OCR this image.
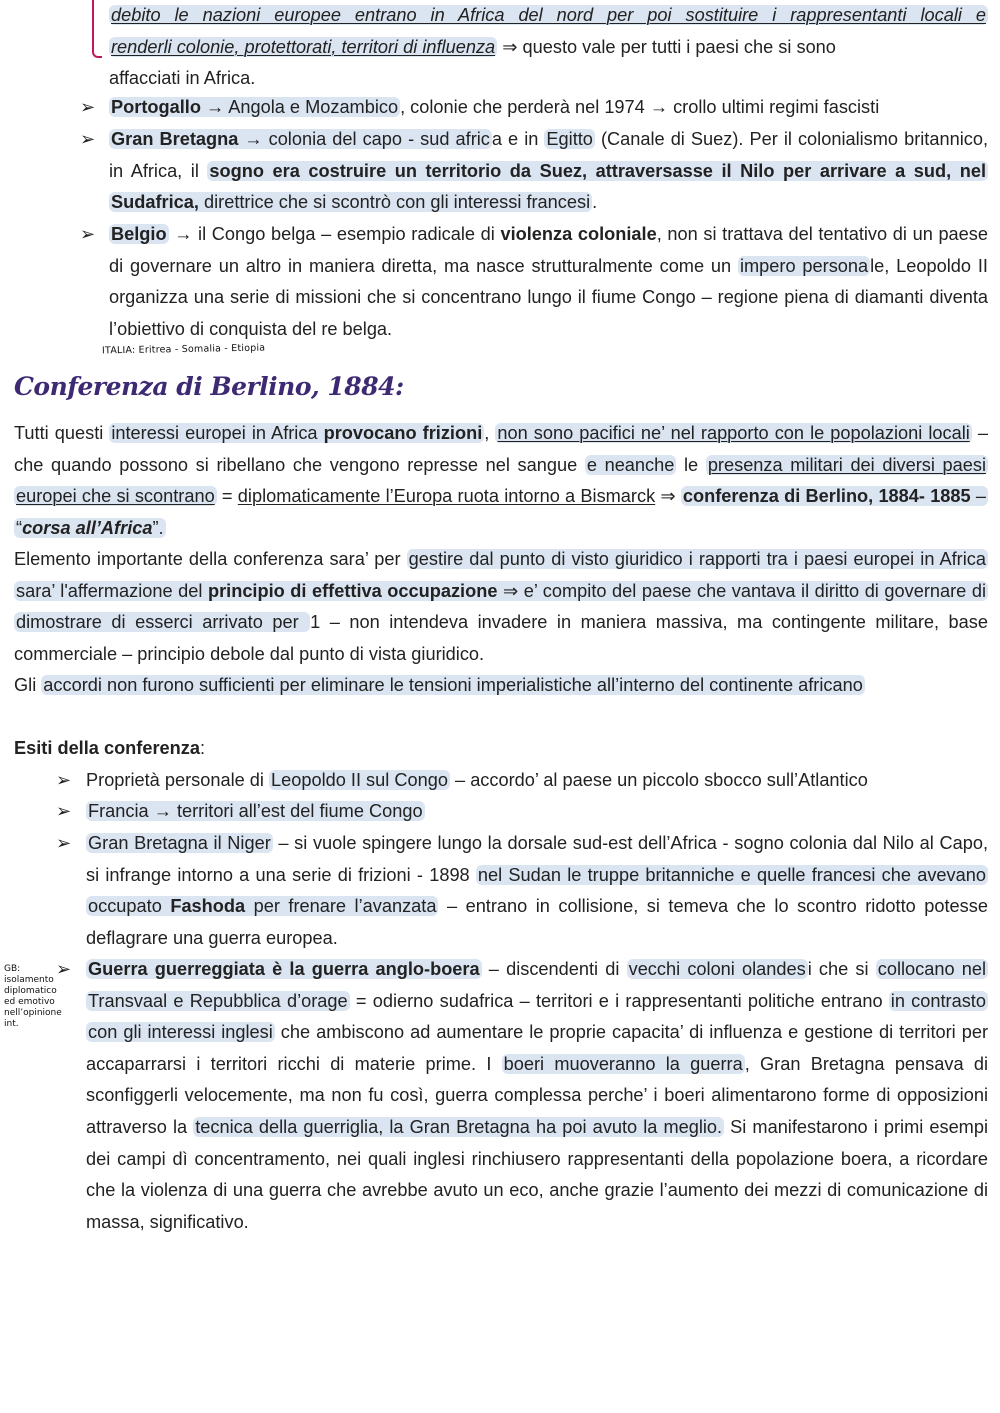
debito le nazioni europee entrano in Africa del nord per poi sostituire i rappresentanti locali e
renderli colonie, protettorati, territori di influenza ⇒ questo vale per tutti i paesi che si sono
affacciati in Africa.
➢ Portogallo → Angola e Mozambico , colonie che perderà nel 1974 → crollo ultimi regimi fascisti
➢ Gran Bretagna → colonia del capo - sud afric a e in Egitto (Canale di Suez). Per il colonialismo britannico, in Africa, il sogno era costruire un territorio da Suez, attraversasse il Nilo per arrivare a sud, nel Sudafrica, direttrice che si scontrò con gli interessi francesi .
➢ Belgio → il Congo belga – esempio radicale di violenza coloniale, non si trattava del tentativo di un paese di governare un altro in maniera diretta, ma nasce strutturalmente come un impero persona le, Leopoldo II organizza una serie di missioni che si concentrano lungo il fiume Congo – regione piena di diamanti diventa l’obiettivo di conquista del re belga.
ITALIA: Eritrea - Somalia - Etiopia
Conferenza di Berlino, 1884:
Tutti questi interessi europei in Africa provocano frizioni , non sono pacifici ne’ nel rapporto con le popolazioni locali – che quando possono si ribellano che vengono represse nel sangue e neanche le presenza militari dei diversi paesi europei che si scontrano = diplomaticamente l’Europa ruota intorno a Bismarck ⇒ conferenza di Berlino, 1884- 1885 – “corsa all’Africa”.
Elemento importante della conferenza sara’ per gestire dal punto di visto giuridico i rapporti tra i paesi europei in Africa sara’ l'affermazione del principio di effettiva occupazione ⇒ e’ compito del paese che vantava il diritto di governare di dimostrare di esserci arrivato per 1 – non intendeva invadere in maniera massiva, ma contingente militare, base commerciale – principio debole dal punto di vista giuridico.
Gli accordi non furono sufficienti per eliminare le tensioni imperialistiche all’interno del continente africano
Esiti della conferenza:
➢ Proprietà personale di Leopoldo II sul Congo – accordo’ al paese un piccolo sbocco sull’Atlantico
➢ Francia → territori all’est del fiume Congo
➢ Gran Bretagna il Niger – si vuole spingere lungo la dorsale sud-est dell’Africa - sogno colonia dal Nilo al Capo, si infrange intorno a una serie di frizioni - 1898 nel Sudan le truppe britanniche e quelle francesi che avevano occupato Fashoda per frenare l’avanzata – entrano in collisione, si temeva che lo scontro ridotto potesse deflagrare una guerra europea.
➢ Guerra guerreggiata è la guerra anglo-boera – discendenti di vecchi coloni olandes i che si collocano nel Transvaal e Repubblica d’orage = odierno sudafrica – territori e i rappresentanti politiche entrano in contrasto con gli interessi inglesi che ambiscono ad aumentare le proprie capacita’ di influenza e gestione di territori per accaparrarsi i territori ricchi di materie prime. I boeri muoveranno la guerra , Gran Bretagna pensava di sconfiggerli velocemente, ma non fu così, guerra complessa perche’ i boeri alimentarono forme di opposizioni attraverso la tecnica della guerriglia, la Gran Bretagna ha poi avuto la meglio. Si manifestarono i primi esempi dei campi dì concentramento, nei quali inglesi rinchiusero rappresentanti della popolazione boera, a ricordare che la violenza di una guerra che avrebbe avuto un eco, anche grazie l’aumento dei mezzi di comunicazione di massa, significativo.
GB:
isolamento
diplomatico
ed emotivo
nell’opinione
int.
